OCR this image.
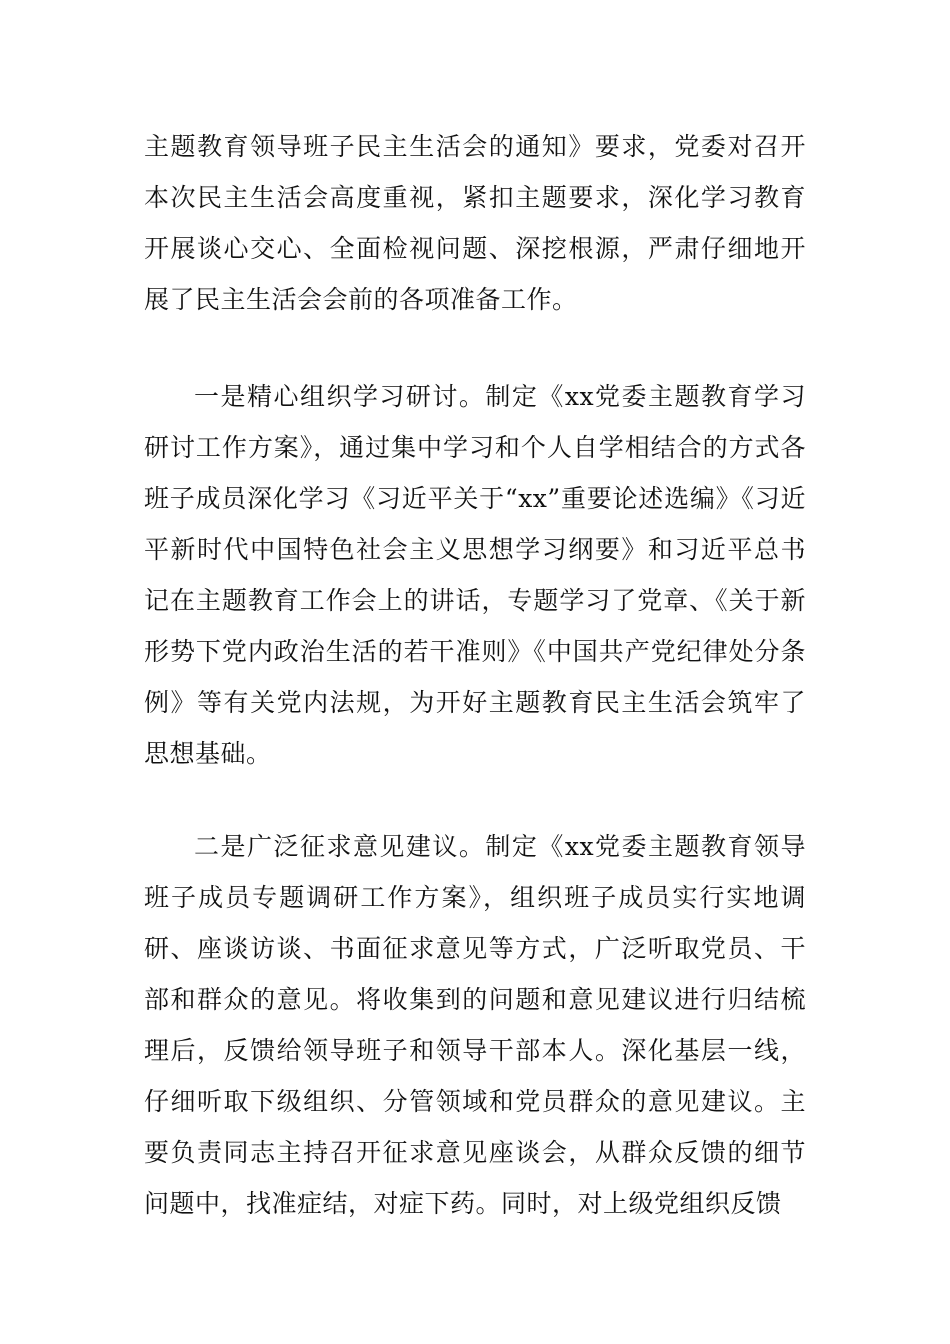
主题教育领导班子民主生活会的通知》要求，党委对召开本次民主生活会高度重视，紧扣主题要求，深化学习教育开展谈心交心、全面检视问题、深挖根源，严肃仔细地开展了民主生活会会前的各项准备工作。

一是精心组织学习研讨。制定《xx党委主题教育学习研讨工作方案》，通过集中学习和个人自学相结合的方式各班子成员深化学习《习近平关于“xx”重要论述选编》《习近平新时代中国特色社会主义思想学习纲要》和习近平总书记在主题教育工作会上的讲话，专题学习了党章、《关于新形势下党内政治生活的若干准则》《中国共产党纪律处分条例》等有关党内法规，为开好主题教育民主生活会筑牢了思想基础。

二是广泛征求意见建议。制定《xx党委主题教育领导班子成员专题调研工作方案》，组织班子成员实行实地调研、座谈访谈、书面征求意见等方式，广泛听取党员、干部和群众的意见。将收集到的问题和意见建议进行归结梳理后，反馈给领导班子和领导干部本人。深化基层一线，仔细听取下级组织、分管领域和党员群众的意见建议。主要负责同志主持召开征求意见座谈会，从群众反馈的细节问题中，找准症结，对症下药。同时，对上级党组织反馈
